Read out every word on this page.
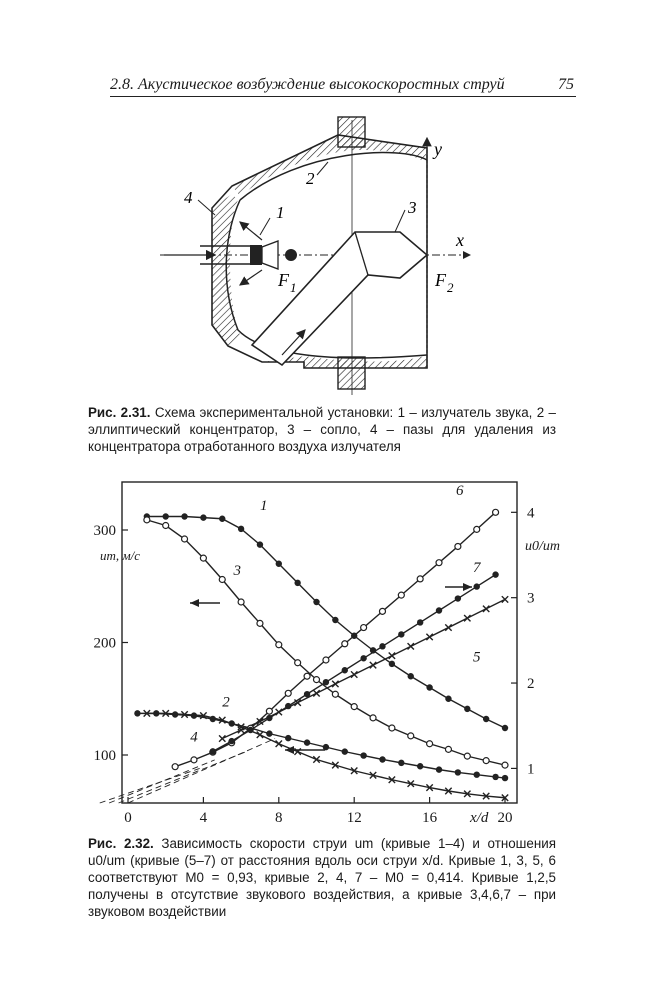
2.8. Акустическое возбуждение высокоскоростных струй	75
1
2
3
4
y
x
F 1	F 2
Рис. 2.31. Схема экспериментальной установки: 1 – излучатель звука, 2 – эллиптический концентратор, 3 – сопло, 4 – пазы для удаления из концентратора отработанного воздуха излучателя
0	4	8	12	16	20
100
200
300
1
2
3
4
x/d
um, м/с
u0/um
1
2
3
4
5
6
7
Рис. 2.32. Зависимость скорости струи um (кривые 1–4) и отношения u0/um (кривые (5–7) от расстояния вдоль оси струи x/d. Кривые 1, 3, 5, 6 соответствуют M0 = 0,93, кривые 2, 4, 7 – M0 = 0,414. Кривые 1,2,5 получены в отсутствие звукового воздействия, а кривые 3,4,6,7 – при звуковом воздействии
